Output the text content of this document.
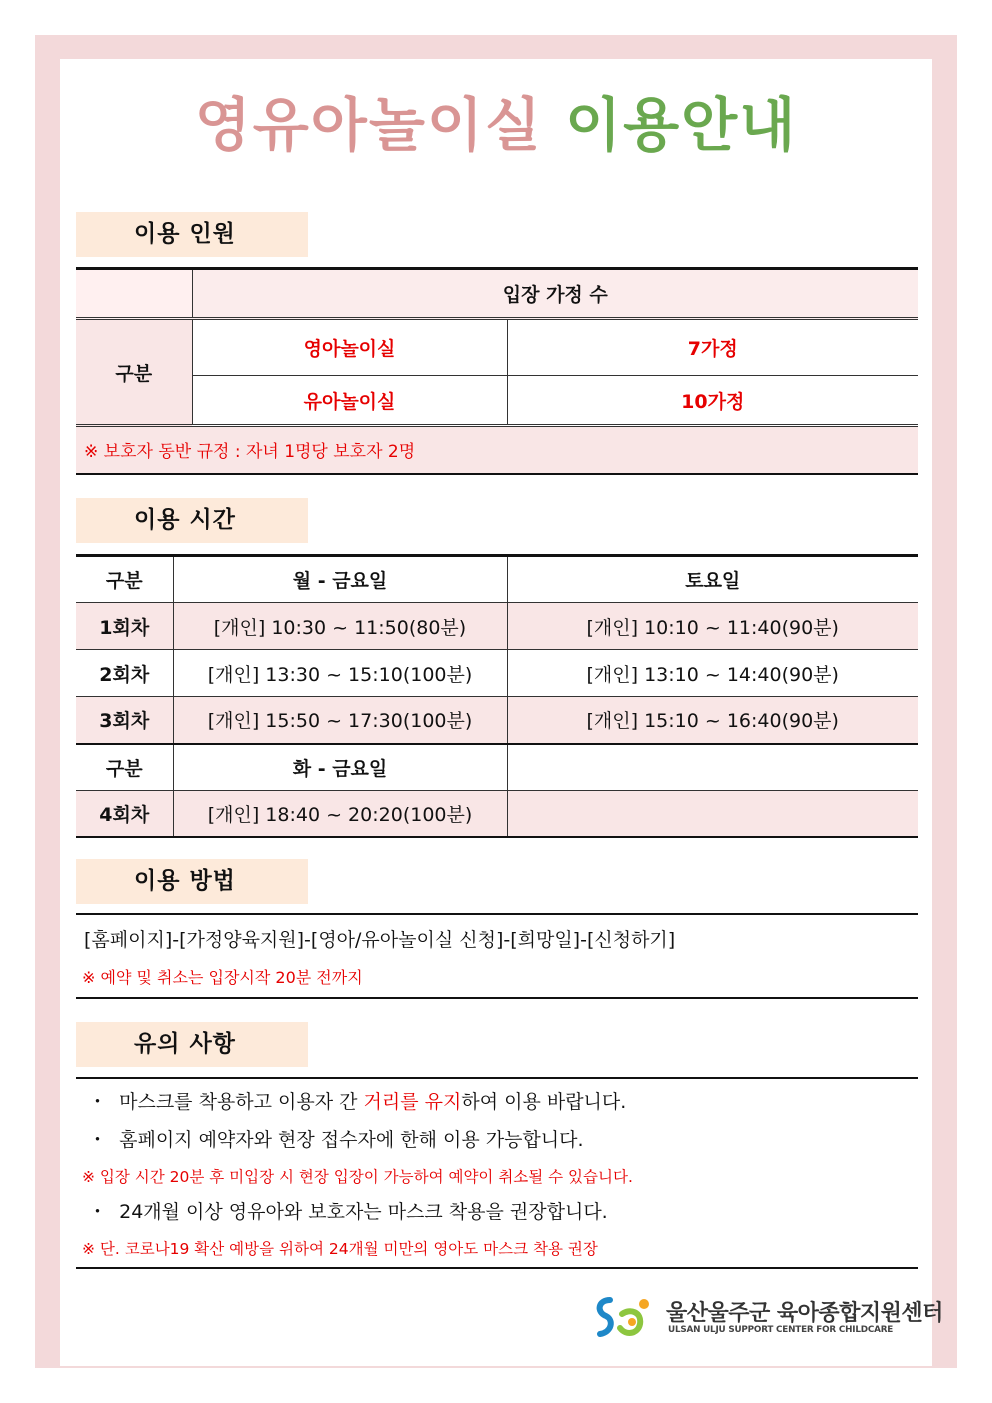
영유아놀이실 이용안내
이용 인원
	입장 가정 수	
구분	영아놀이실	7가정
	유아놀이실	10가정
※ 보호자 동반 규정 : 자녀 1명당 보호자 2명		
이용 시간
구분	월 - 금요일	토요일
1회차	[개인] 10:30 ~ 11:50(80분)	[개인] 10:10 ~ 11:40(90분)
2회차	[개인] 13:30 ~ 15:10(100분)	[개인] 13:10 ~ 14:40(90분)
3회차	[개인] 15:50 ~ 17:30(100분)	[개인] 15:10 ~ 16:40(90분)
구분	화 - 금요일	
4회차	[개인] 18:40 ~ 20:20(100분)	
이용 방법
[홈페이지]-[가정양육지원]-[영아/유아놀이실 신청]-[희망일]-[신청하기]
※ 예약 및 취소는 입장시작 20분 전까지
유의 사항
・ 마스크를 착용하고 이용자 간 거리를 유지하여 이용 바랍니다.
・ 홈페이지 예약자와 현장 접수자에 한해 이용 가능합니다.
※ 입장 시간 20분 후 미입장 시 현장 입장이 가능하여 예약이 취소될 수 있습니다.
・ 24개월 이상 영유아와 보호자는 마스크 착용을 권장합니다.
※ 단. 코로나19 확산 예방을 위하여 24개월 미만의 영아도 마스크 착용 권장
울산울주군 육아종합지원센터
ULSAN ULJU SUPPORT CENTER FOR CHILDCARE
